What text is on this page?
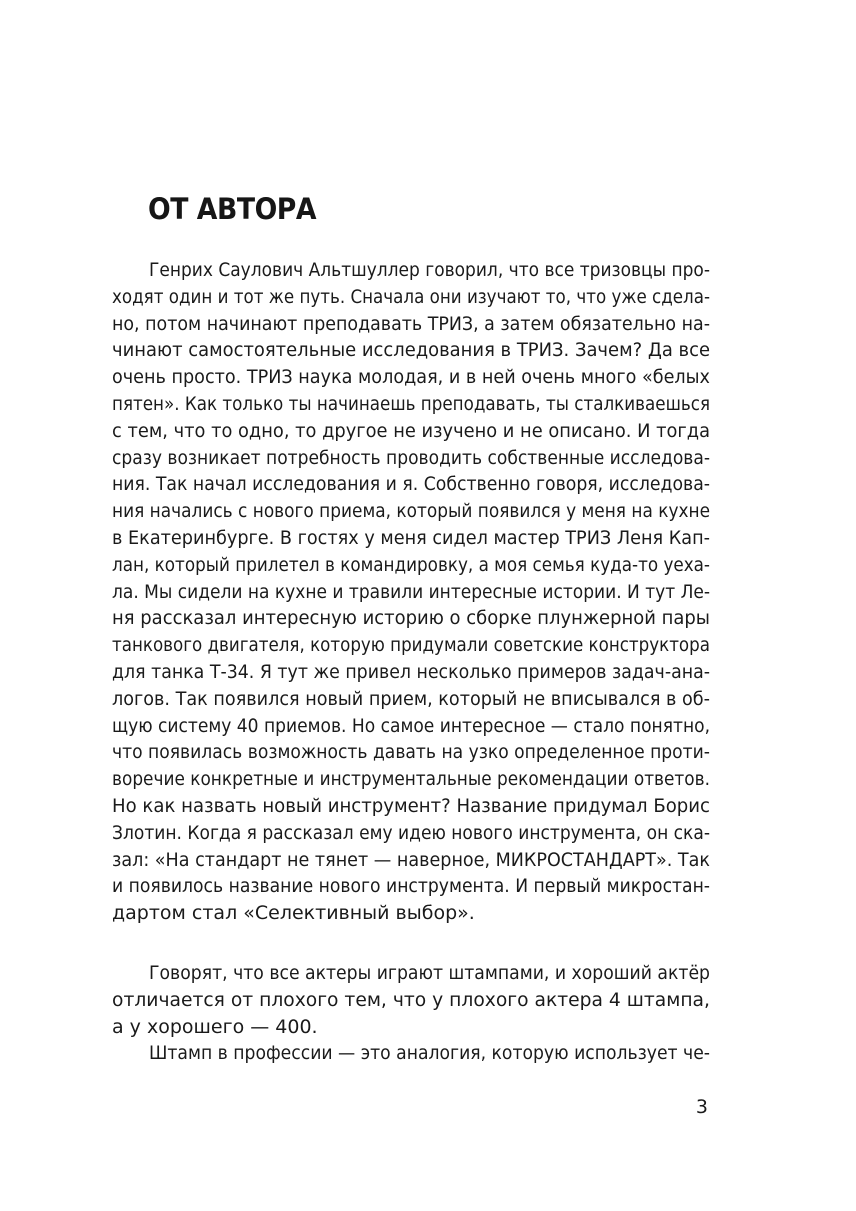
ОТ АВТОРА
Генрих Саулович Альтшуллер говорил, что все тризовцы про-
ходят один и тот же путь. Сначала они изучают то, что уже сдела-
но, потом начинают преподавать ТРИЗ, а затем обязательно на-
чинают самостоятельные исследования в ТРИЗ. Зачем? Да все
очень просто. ТРИЗ наука молодая, и в ней очень много «белых
пятен». Как только ты начинаешь преподавать, ты сталкиваешься
с тем, что то одно, то другое не изучено и не описано. И тогда
сразу возникает потребность проводить собственные исследова-
ния. Так начал исследования и я. Собственно говоря, исследова-
ния начались с нового приема, который появился у меня на кухне
в Екатеринбурге. В гостях у меня сидел мастер ТРИЗ Леня Кап-
лан, который прилетел в командировку, а моя семья куда-то уеха-
ла. Мы сидели на кухне и травили интересные истории. И тут Ле-
ня рассказал интересную историю о сборке плунжерной пары
танкового двигателя, которую придумали советские конструктора
для танка Т-34. Я тут же привел несколько примеров задач-ана-
логов. Так появился новый прием, который не вписывался в об-
щую систему 40 приемов. Но самое интересное — стало понятно,
что появилась возможность давать на узко определенное проти-
воречие конкретные и инструментальные рекомендации ответов.
Но как назвать новый инструмент? Название придумал Борис
Злотин. Когда я рассказал ему идею нового инструмента, он ска-
зал: «На стандарт не тянет — наверное, МИКРОСТАНДАРТ». Так
и появилось название нового инструмента. И первый микростан-
дартом стал «Селективный выбор».
Говорят, что все актеры играют штампами, и хороший актёр
отличается от плохого тем, что у плохого актера 4 штампа,
а у хорошего — 400.
Штамп в профессии — это аналогия, которую использует че-
3
